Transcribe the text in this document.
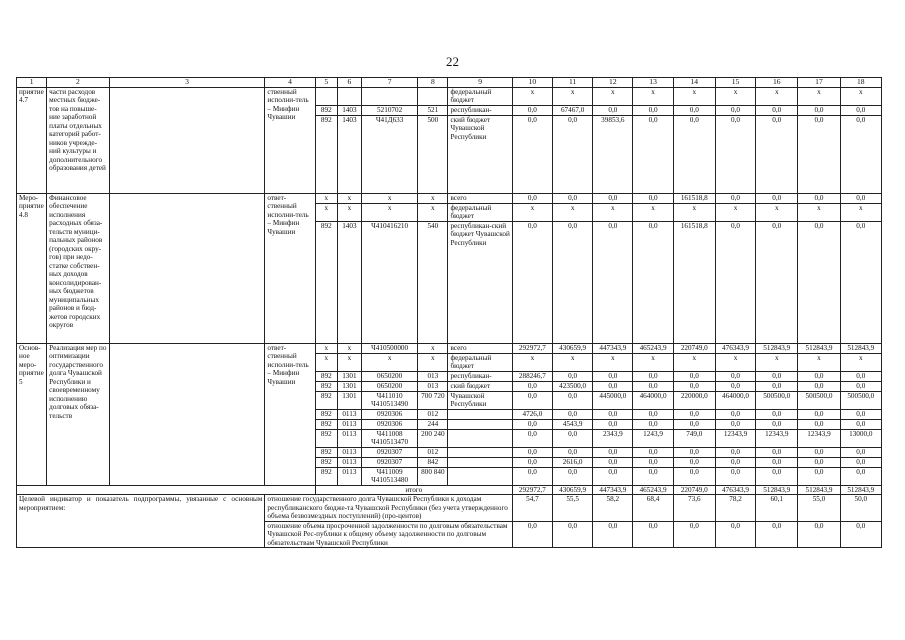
22
1	2	3	4	5	6	7	8	9	10	11	12	13	14	15	16	17	18
приятие 4.7	части расходов местных бюдже-тов на повыше-ние заработной платы отдельных категорий работ-ников учрежде-ний культуры и дополнительного образования детей		ственный исполни-тель – Минфин Чувашии					федеральный бюджет	x	x	x	x	x	x	x	x	x
				892	1403	5210702	521	республикан-	0,0	67467,0	0,0	0,0	0,0	0,0	0,0	0,0	0,0
				892	1403	Ч41Д633	500	ский бюджет Чувашской Республики	0,0	0,0	39853,6	0,0	0,0	0,0	0,0	0,0	0,0
Меро-приятие 4.8	Финансовое обеспечение исполнения расходных обяза-тельств муници-пальных районов (городских окру-гов) при недо-статке собствен-ных доходов консолидирован-ных бюджетов муниципальных районов и бюд-жетов городских округов		ответ-ственный исполни-тель – Минфин Чувашии	x	x	x	x	всего	0,0	0,0	0,0	0,0	161518,8	0,0	0,0	0,0	0,0
				x	x	x	x	федеральный бюджет	x	x	x	x	x	x	x	x	x
				892	1403	Ч410416210	540	республикан-ский бюджет Чувашской Республики	0,0	0,0	0,0	0,0	161518,8	0,0	0,0	0,0	0,0
Основ-ное меро-приятие 5	Реализация мер по оптимизации государственного долга Чувашской Республики и своевременному исполнению долговых обяза-тельств		ответ-ственный исполни-тель – Минфин Чувашии	x	x	Ч410500000	x	всего	292972,7	430659,9	447343,9	465243,9	220749,0	476343,9	512843,9	512843,9	512843,9
				x	x	x	x	федеральный бюджет	x	x	x	x	x	x	x	x	x
				892	1301	0650200	013	республикан-	288246,7	0,0	0,0	0,0	0,0	0,0	0,0	0,0	0,0
				892	1301	0650200	013	ский бюджет	0,0	423500,0	0,0	0,0	0,0	0,0	0,0	0,0	0,0
				892	1301	Ч411010 Ч410513490	700 720	Чувашской Республики	0,0	0,0	445000,0	464000,0	220000,0	464000,0	500500,0	500500,0	500500,0
				892	0113	0920306	012		4726,0	0,0	0,0	0,0	0,0	0,0	0,0	0,0	0,0
				892	0113	0920306	244		0,0	4543,9	0,0	0,0	0,0	0,0	0,0	0,0	0,0
				892	0113	Ч411008 Ч410513470	200 240		0,0	0,0	2343,9	1243,9	749,0	12343,9	12343,9	12343,9	13000,0
				892	0113	0920307	012		0,0	0,0	0,0	0,0	0,0	0,0	0,0	0,0	0,0
				892	0113	0920307	842		0,0	2616,0	0,0	0,0	0,0	0,0	0,0	0,0	0,0
				892	0113	Ч411009 Ч410513480	800 840		0,0	0,0	0,0	0,0	0,0	0,0	0,0	0,0	0,0
				итого					292972,7	430659,9	447343,9	465243,9	220749,0	476343,9	512843,9	512843,9	512843,9
Целевой индикатор и показатель подпрограммы, увязанные с основным мероприятием:			отношение государственного долга Чувашской Республики к доходам республиканского бюдже-та Чувашской Республики (без учета утвержденного объема безвозмездных поступлений) (про-центов)						54,7	55,5	58,2	68,4	73,6	78,2	60,1	55,0	50,0
			отношение объема просроченной задолженности по долговым обязательствам Чувашской Рес-публики к общему объему задолженности по долговым обязательствам Чувашской Республики						0,0	0,0	0,0	0,0	0,0	0,0	0,0	0,0	0,0
